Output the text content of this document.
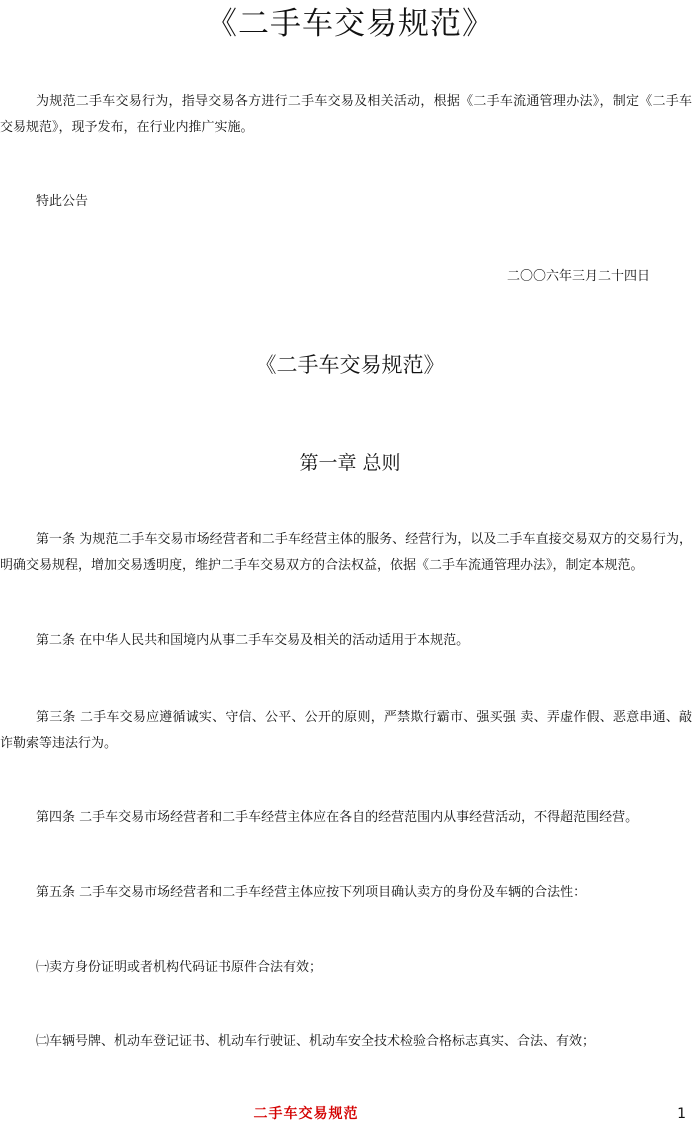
《二手车交易规范》
为规范二手车交易行为，指导交易各方进行二手车交易及相关活动，根据《二手车流通管理办法》，制定《二手车交易规范》，现予发布，在行业内推广实施。
特此公告
二〇〇六年三月二十四日
《二手车交易规范》
第一章 总则
第一条 为规范二手车交易市场经营者和二手车经营主体的服务、经营行为，以及二手车直接交易双方的交易行为，明确交易规程，增加交易透明度，维护二手车交易双方的合法权益，依据《二手车流通管理办法》，制定本规范。
第二条 在中华人民共和国境内从事二手车交易及相关的活动适用于本规范。
第三条 二手车交易应遵循诚实、守信、公平、公开的原则，严禁欺行霸市、强买强 卖、弄虚作假、恶意串通、敲诈勒索等违法行为。
第四条 二手车交易市场经营者和二手车经营主体应在各自的经营范围内从事经营活动，不得超范围经营。
第五条 二手车交易市场经营者和二手车经营主体应按下列项目确认卖方的身份及车辆的合法性：
㈠卖方身份证明或者机构代码证书原件合法有效；
㈡车辆号牌、机动车登记证书、机动车行驶证、机动车安全技术检验合格标志真实、合法、有效；
二手车交易规范	1
